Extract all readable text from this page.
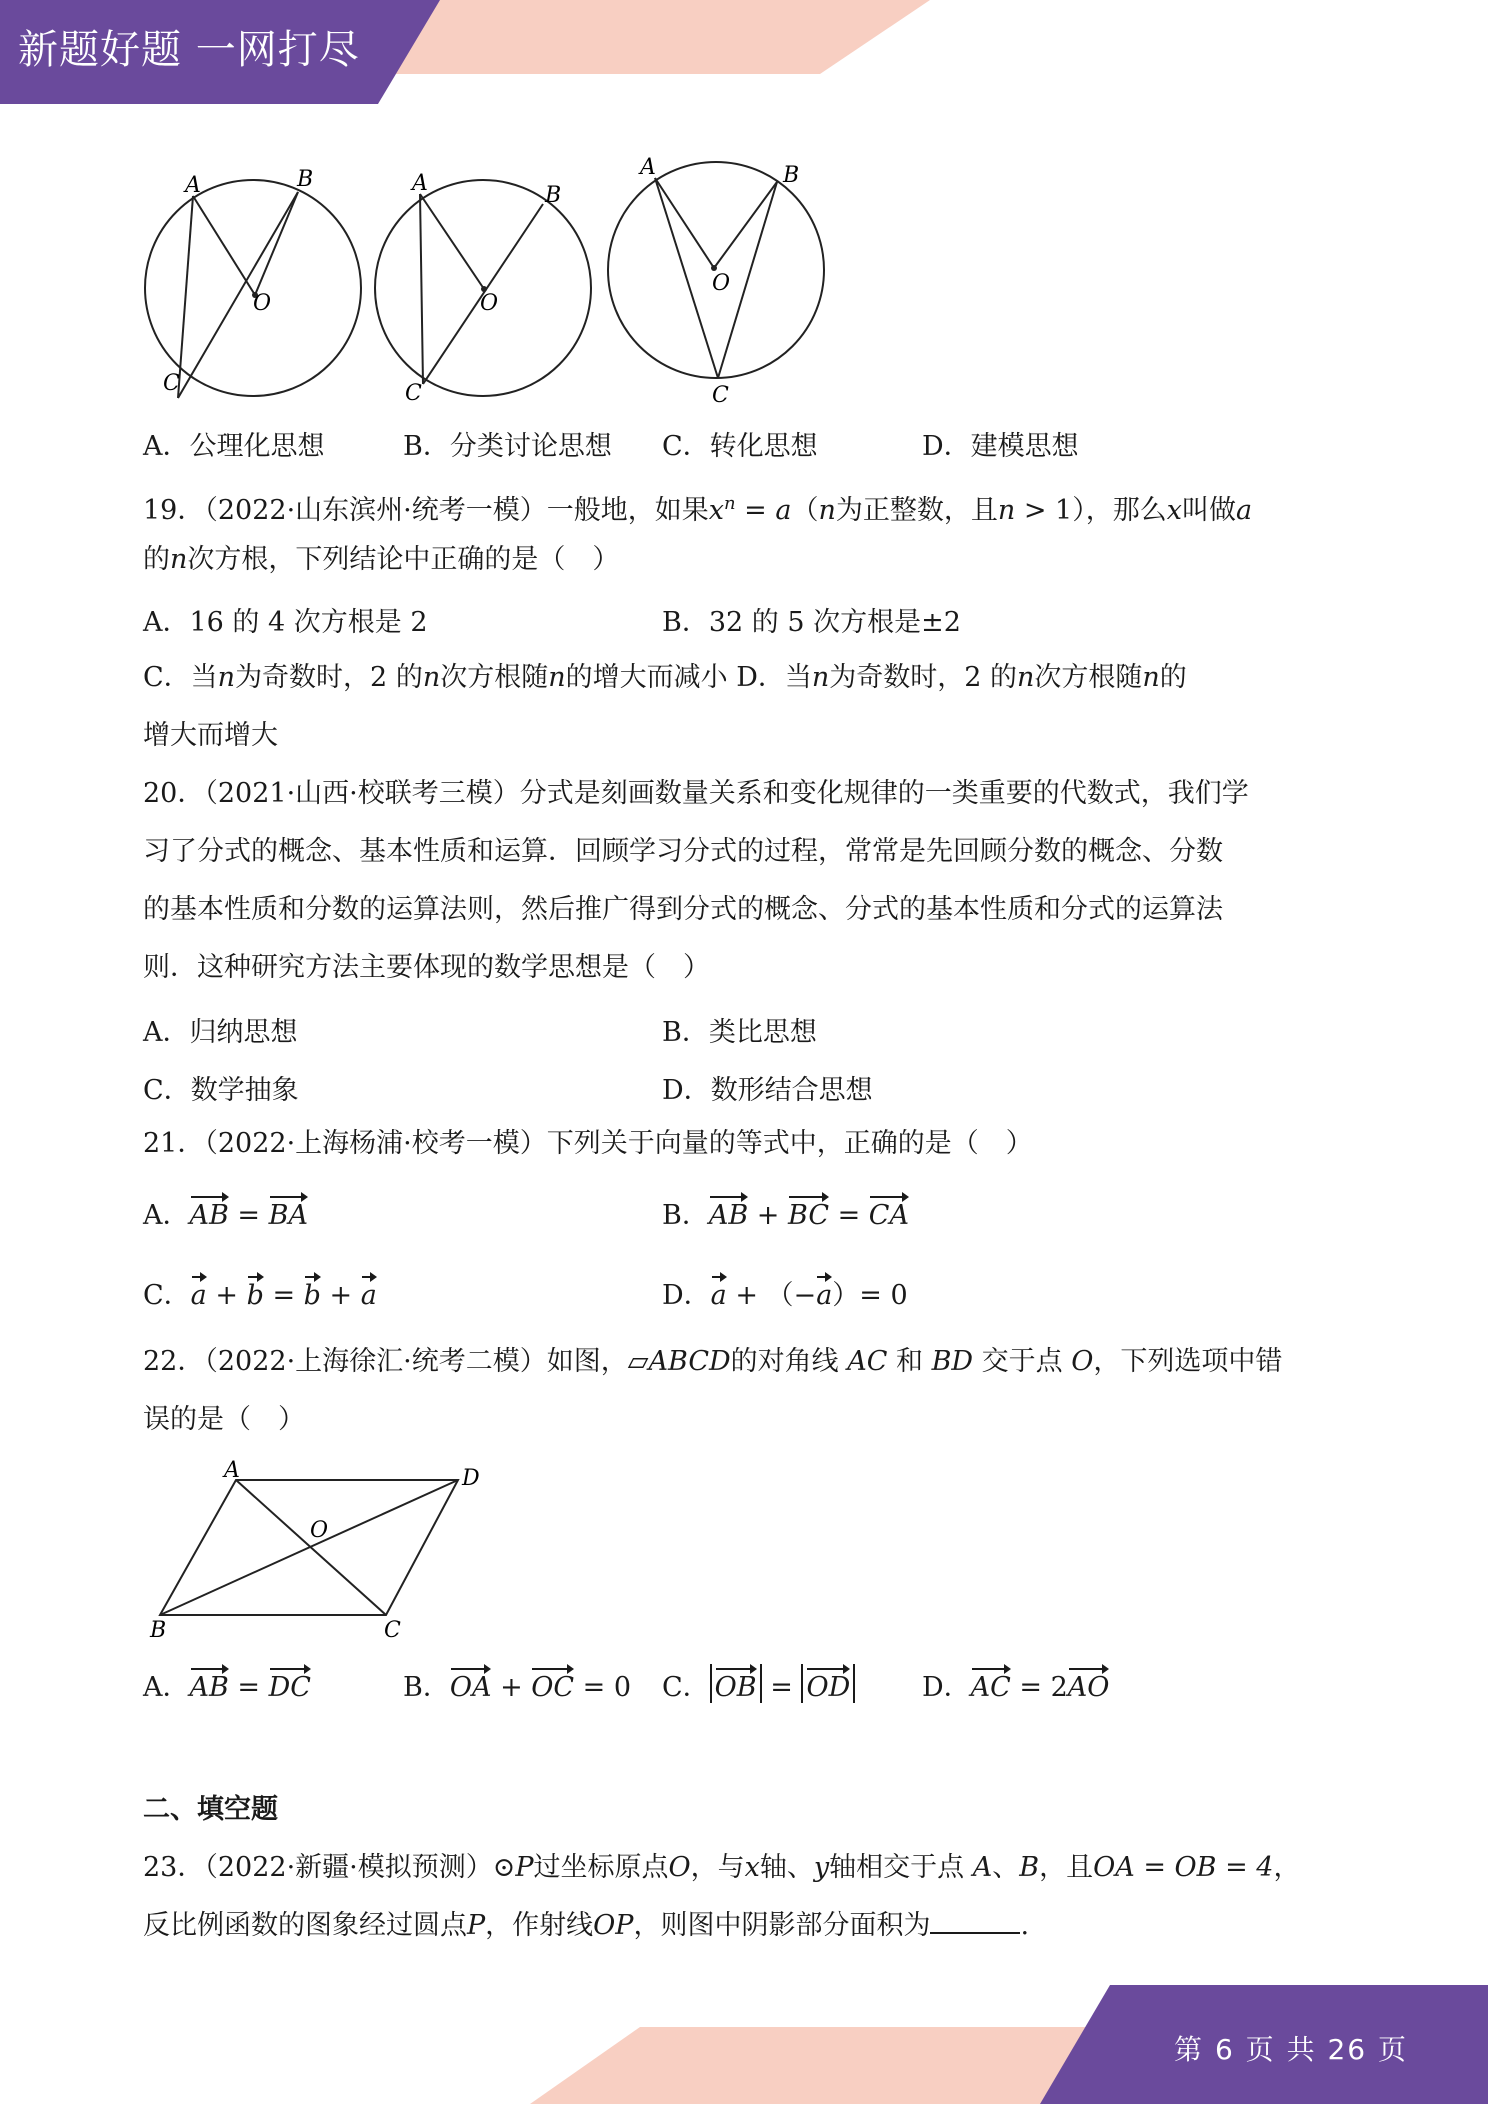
新题好题 一网打尽
A	B
C
O
A	B
C
O
A	B
C
O
A．公理化思想	B．分类讨论思想 C．转化思想	D．建模思想
19．（2022·山东滨州·统考一模）一般地，如果$x^n = a(n$为正整数，且n > 1），那么x叫做a
的n次方根，下列结论中正确的是（　）
A．16 的 4 次方根是 2	B．32 的 5 次方根是±2
C．当n为奇数时，2 的n次方根随n的增大而减小 D．当n为奇数时，2 的n次方根随n的
增大而增大
20．（2021·山西·校联考三模）分式是刻画数量关系和变化规律的一类重要的代数式，我们学
习了分式的概念、基本性质和运算．回顾学习分式的过程，常常是先回顾分数的概念、分数
的基本性质和分数的运算法则，然后推广得到分式的概念、分式的基本性质和分式的运算法
则．这种研究方法主要体现的数学思想是（　）
A．归纳思想	B．类比思想
C．数学抽象	D．数形结合思想
21．（2022·上海杨浦·校考一模）下列关于向量的等式中，正确的是（　）
A．AB = BA	B．AB + BC = CA
C．a + b = b + a	D．a + （−a）= 0
22．（2022·上海徐汇·统考二模）如图，▱ABCD的对角线 AC 和 BD 交于点 O，下列选项中错
误的是（　）
A	D
B	C
O
A．AB = DC	B．OA + OC = 0 C． OB = OD	D．AC = 2AO
二、填空题
23．（2022·新疆·模拟预测）⊙P过坐标原点O，与x轴、y轴相交于点 A、B，且OA = OB = 4，
反比例函数的图象经过圆点P，作射线OP，则图中阴影部分面积为	.
第 6 页 共 26 页
